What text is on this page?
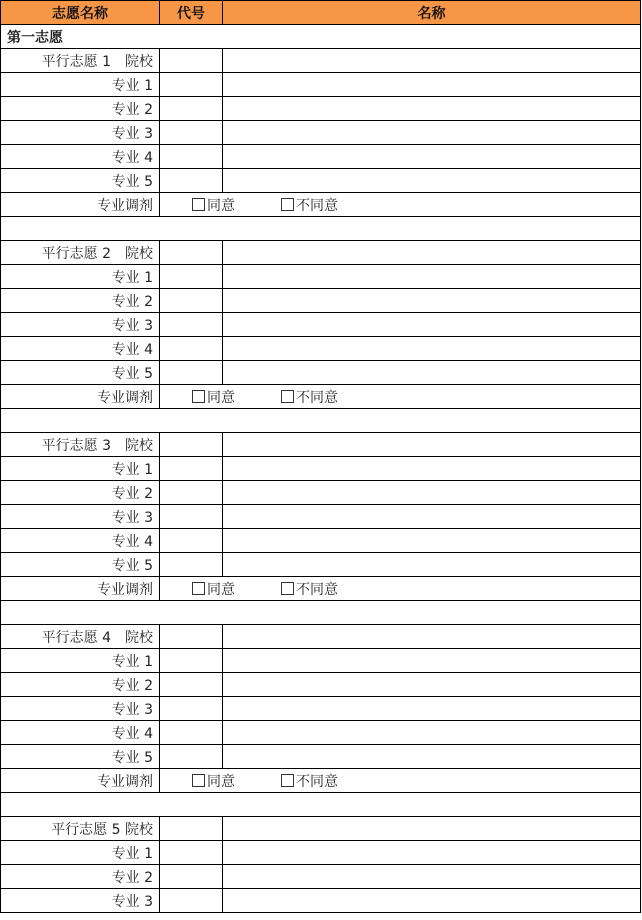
志愿名称	代号	名称
第一志愿		
平行志愿 1　院校		
专业 1		
专业 2		
专业 3		
专业 4		
专业 5		
专业调剂	同意 不同意	

平行志愿 2　院校		
专业 1		
专业 2		
专业 3		
专业 4		
专业 5		
专业调剂	同意 不同意	

平行志愿 3　院校		
专业 1		
专业 2		
专业 3		
专业 4		
专业 5		
专业调剂	同意 不同意	

平行志愿 4　院校		
专业 1		
专业 2		
专业 3		
专业 4		
专业 5		
专业调剂	同意 不同意	

平行志愿 5 院校		
专业 1		
专业 2		
专业 3		
